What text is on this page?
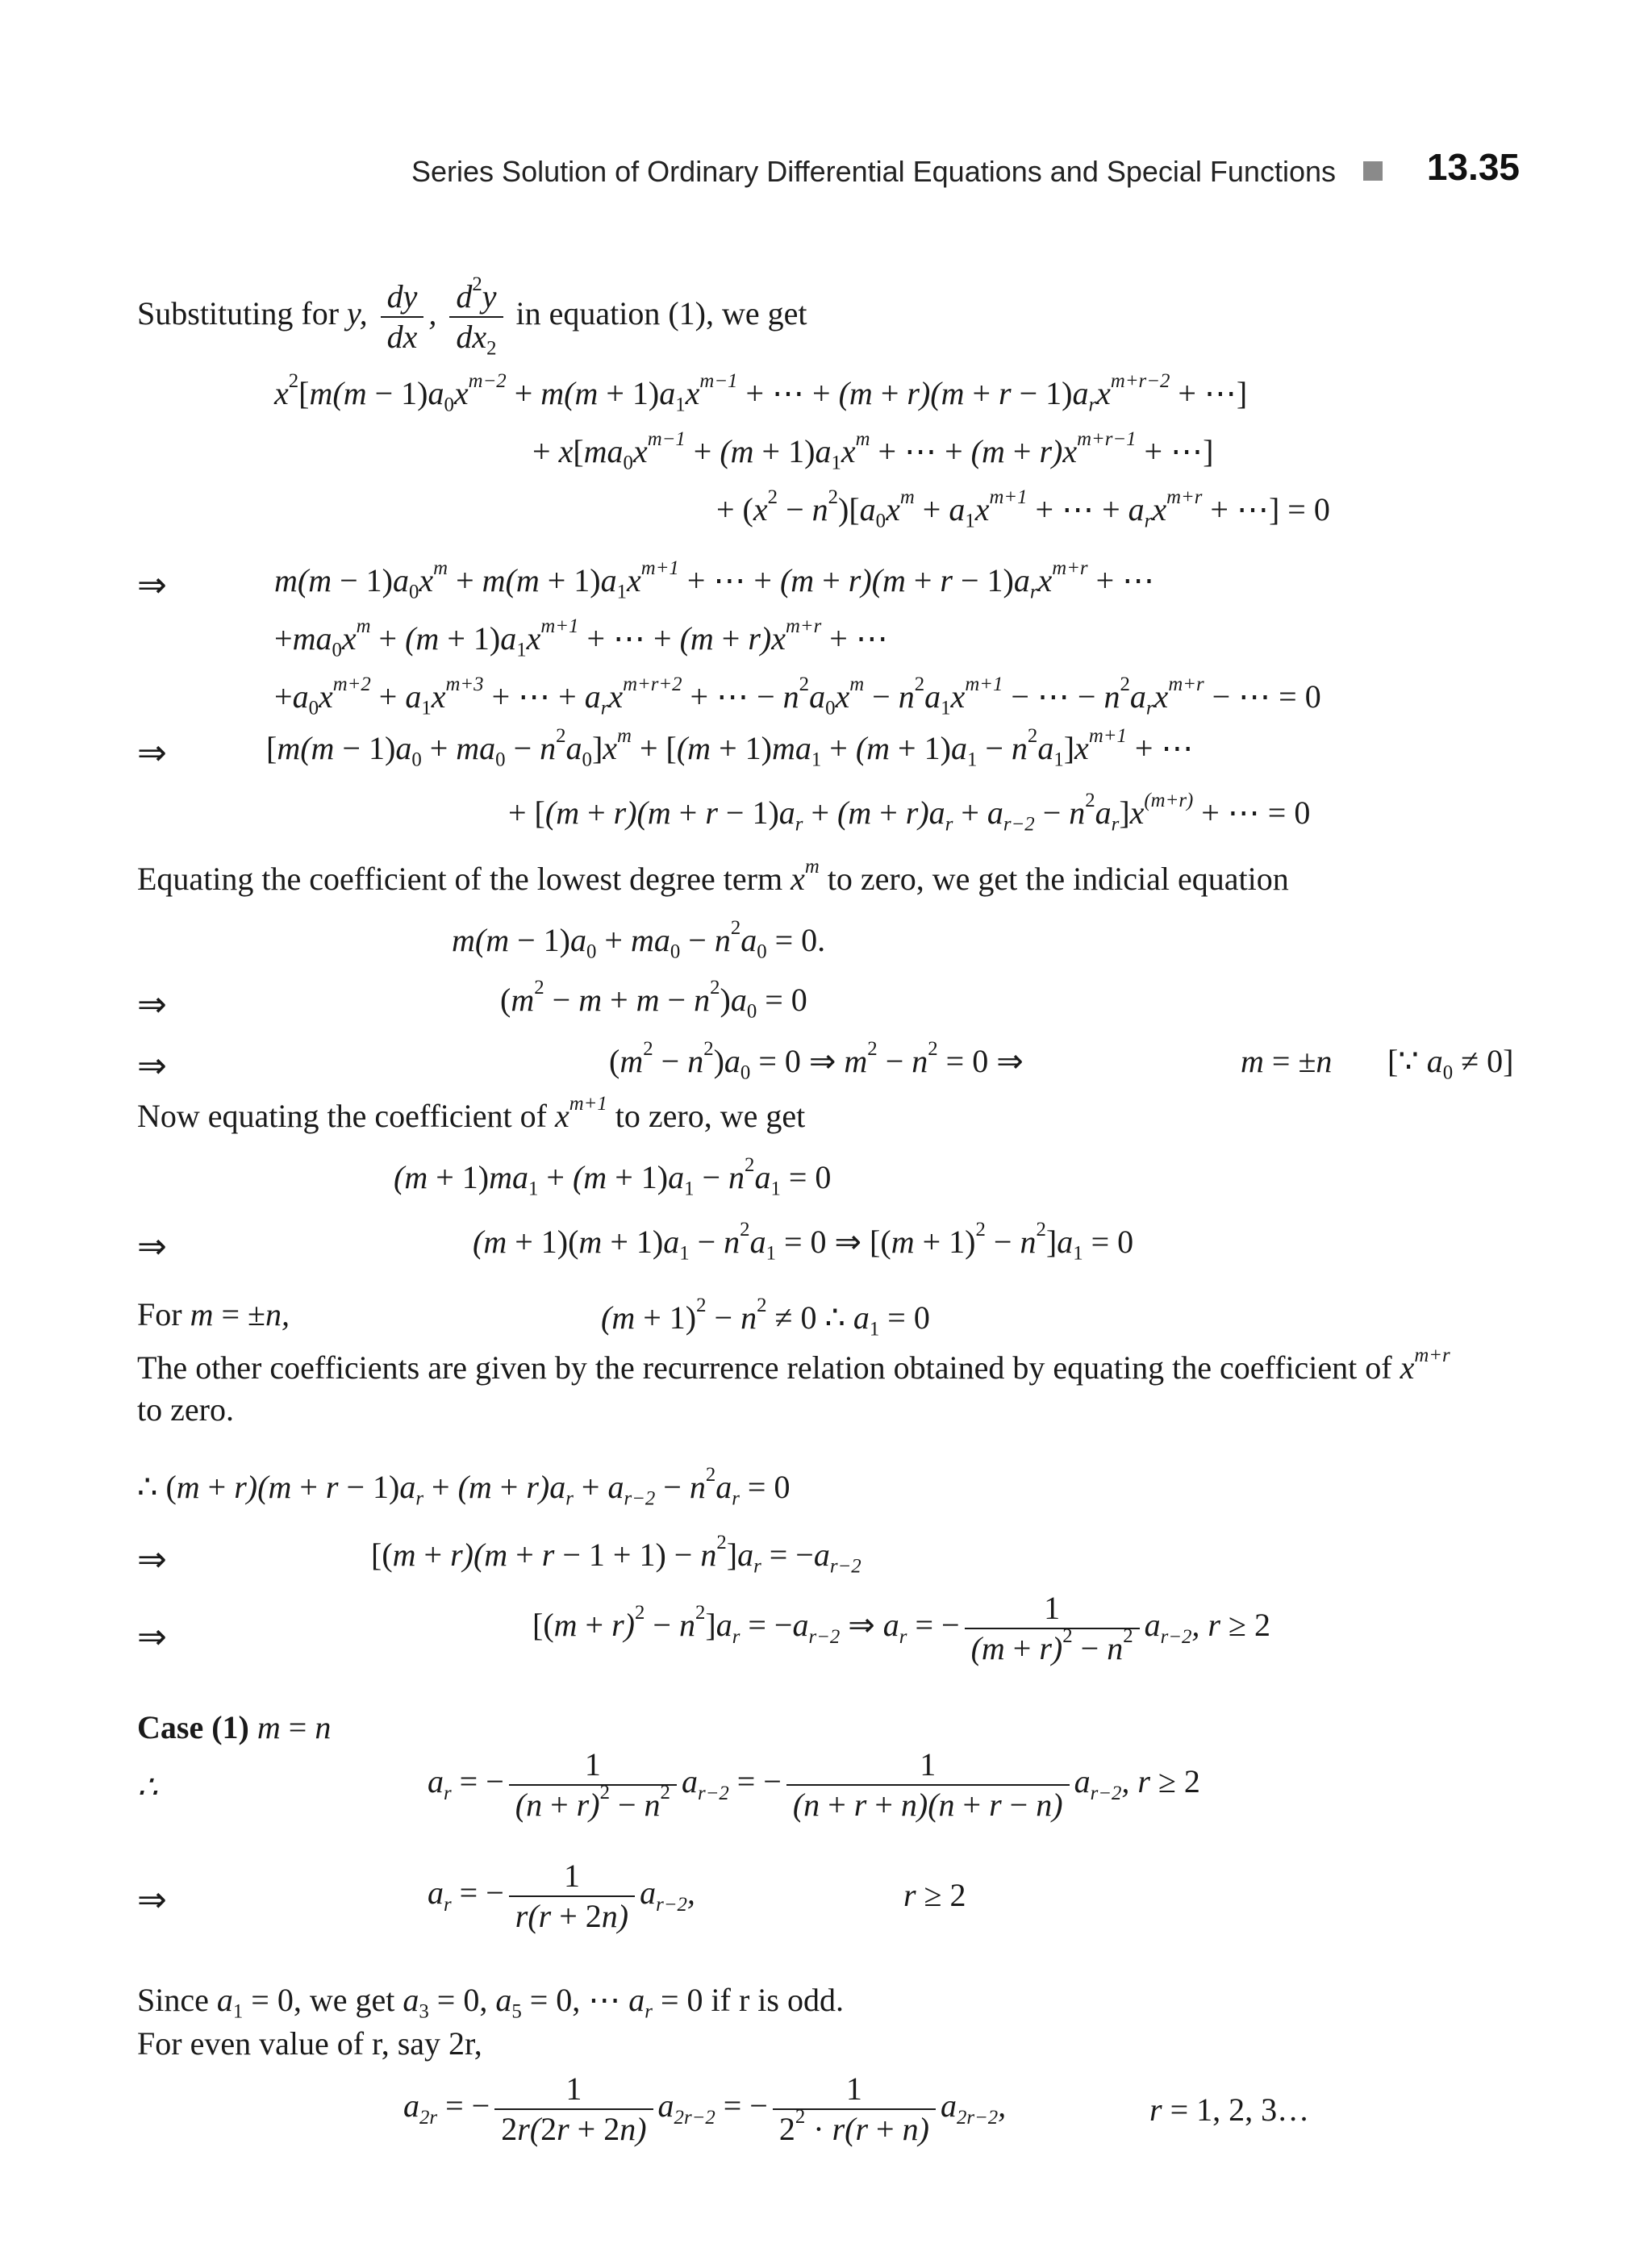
Series Solution of Ordinary Differential Equations and Special Functions 13.35
Substituting for y, $\frac{dy}{dx}$ , $\frac{d^2y}{dx_2}$ in equation (1), we get
$x^2[m(m - 1)a_0x^{m-2} + m(m + 1)a_1x^{m-1}$ + ⋯ + $(m + r)(m + r - 1)a_rx^{m+r-2}$ + ⋯]
+ $x[ma_0x^{m-1} + (m + 1)a_1x^m$ + ⋯ + $(m + r)x^{m+r-1}$ + ⋯]
+ $(x^2 - n^2)[a_0x^m + a_1x^{m+1}$ + ⋯ + $a_rx^{m+r}$ + ⋯] = 0
⇒	$m(m - 1)a_0x^m + m(m + 1)a_1x^{m+1}$ + ⋯ + $(m + r)(m + r - 1)a_rx^{m+r}$ + ⋯
$+ma_0x^m + (m + 1)a_1x^{m+1}$ + ⋯ + $(m + r)x^{m+r}$ + ⋯
$+a_0x^{m+2} + a_1x^{m+3}$ + ⋯ + $a_rx^{m+r+2}$ + ⋯ − $n^2a_0x^m - n^2a_1x^{m+1}$ − ⋯ − $n^2a_rx^{m+r}$ − ⋯ = 0
⇒	$[m(m - 1)a_0 + ma_0 - n^2a_0]x^m + [(m + 1)ma_1 + (m + 1)a_1 - n^2a_1]x^{m+1}$ + ⋯
+ $[(m + r)(m + r - 1)a_r + (m + r)a_r + a_{r-2} - n^2a_r]x^{(m+r)}$ + ⋯ = 0
Equating the coefficient of the lowest degree term $x^m$ to zero, we get the indicial equation
$m(m - 1)a_0 + ma_0 - n^2a_0 = 0$.
⇒	$(m^2 - m + m - n^2)a_0 = 0$
⇒	$(m^2 - n^2)a_0 = 0$ ⇒ $m^2 - n^2 = 0$ ⇒	m = ±n [∵ $a_0 \ne 0$]
Now equating the coefficient of $x^{m+1}$ to zero, we get
$(m + 1)ma_1 + (m + 1)a_1 - n^2a_1 = 0$
⇒	$(m + 1)(m + 1)a_1 - n^2a_1 = 0$ ⇒ $[(m + 1)^2 - n^2]a_1 = 0$
For m = ±n,	$(m + 1)^2 - n^2 \ne 0$ ∴ $a_1 = 0$
The other coefficients are given by the recurrence relation obtained by equating the coefficient of $x^{m+r}$
to zero.
∴ $(m + r)(m + r - 1)a_r + (m + r)a_r + a_{r-2} - n^2a_r = 0$
⇒	$[(m + r)(m + r - 1 + 1) - n^2]a_r = -a_{r-2}$
⇒	$[(m + r)^2 - n^2]a_r = -a_{r-2}$ ⇒ $a_r$ = − $\frac{1}{(m + r)^2 - n^2} a_{r-2}$, r ≥ 2
Case (1) m = n
∴	$a_r$ = − $\frac{1}{(n + r)^2 - n^2} a_{r-2}$ = − $\frac{1}{(n + r + n)(n + r - n)} a_{r-2}$, r ≥ 2
⇒	$a_r$ = − $\frac{1}{r(r + 2n)} a_{r-2}$,	r ≥ 2
Since $a_1 = 0$, we get $a_3 = 0$, $a_5 = 0$, ⋯ $a_r = 0$ if r is odd.
For even value of r, say 2r,
$a_{2r}$ = − $\frac{1}{2r(2r + 2n)} a_{2r-2}$ = − $\frac{1}{2^2 \cdot r(r + n)} a_{2r-2}$,	r = 1, 2, 3…
